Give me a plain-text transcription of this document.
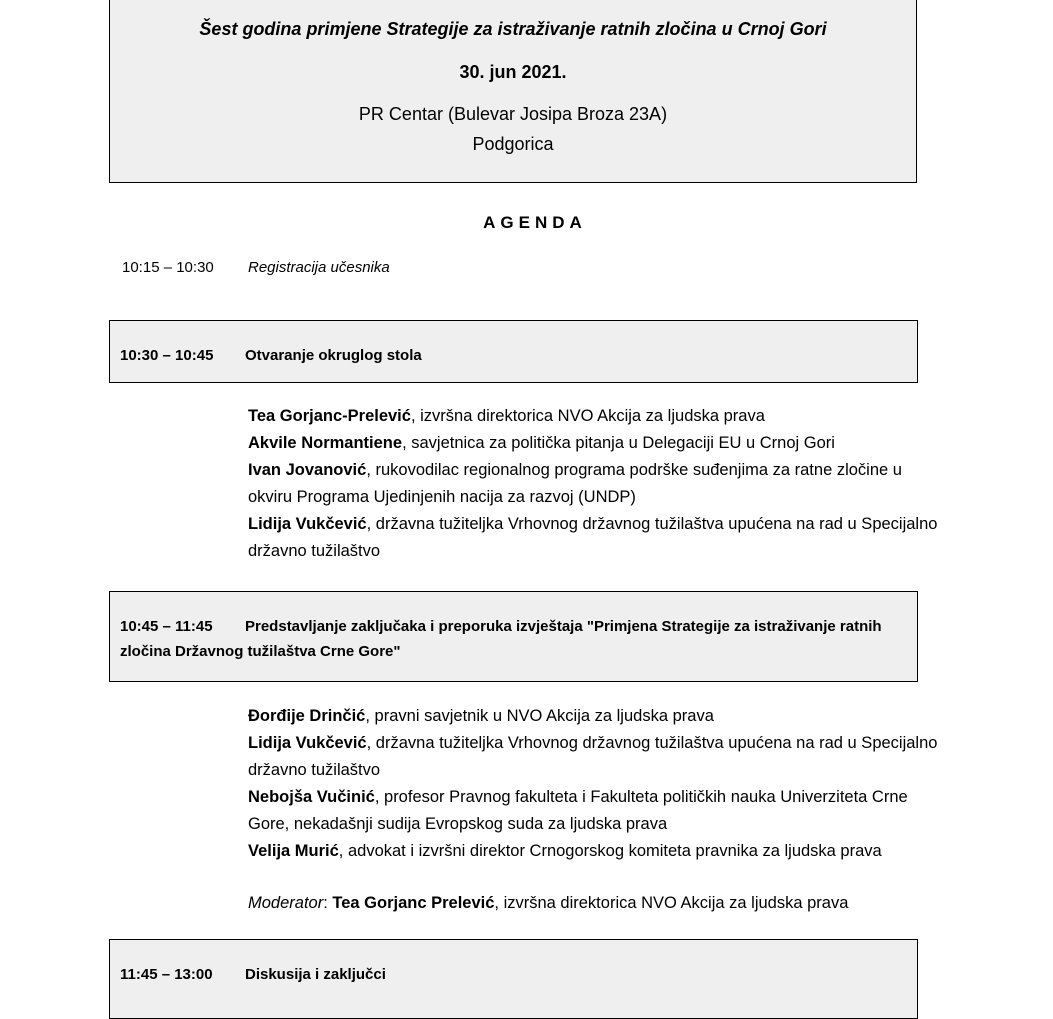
Šest godina primjene Strategije za istraživanje ratnih zločina u Crnoj Gori
30. jun 2021.
PR Centar (Bulevar Josipa Broza 23A)
Podgorica
AGENDA
10:15 – 10:30 Registracija učesnika
10:30 – 10:45 Otvaranje okruglog stola
Tea Gorjanc-Prelević, izvršna direktorica NVO Akcija za ljudska prava
Akvile Normantiene, savjetnica za politička pitanja u Delegaciji EU u Crnoj Gori
Ivan Jovanović, rukovodilac regionalnog programa podrške suđenjima za ratne zločine u okviru Programa Ujedinjenih nacija za razvoj (UNDP)
Lidija Vukčević, državna tužiteljka Vrhovnog državnog tužilaštva upućena na rad u Specijalno državno tužilaštvo
10:45 – 11:45 Predstavljanje zaključaka i preporuka izvještaja "Primjena Strategije za istraživanje ratnih zločina Državnog tužilaštva Crne Gore"
Đorđije Drinčić, pravni savjetnik u NVO Akcija za ljudska prava
Lidija Vukčević, državna tužiteljka Vrhovnog državnog tužilaštva upućena na rad u Specijalno državno tužilaštvo
Nebojša Vučinić, profesor Pravnog fakulteta i Fakulteta političkih nauka Univerziteta Crne Gore, nekadašnji sudija Evropskog suda za ljudska prava
Velija Murić, advokat i izvršni direktor Crnogorskog komiteta pravnika za ljudska prava
Moderator: Tea Gorjanc Prelević, izvršna direktorica NVO Akcija za ljudska prava
11:45 – 13:00 Diskusija i zaključci
